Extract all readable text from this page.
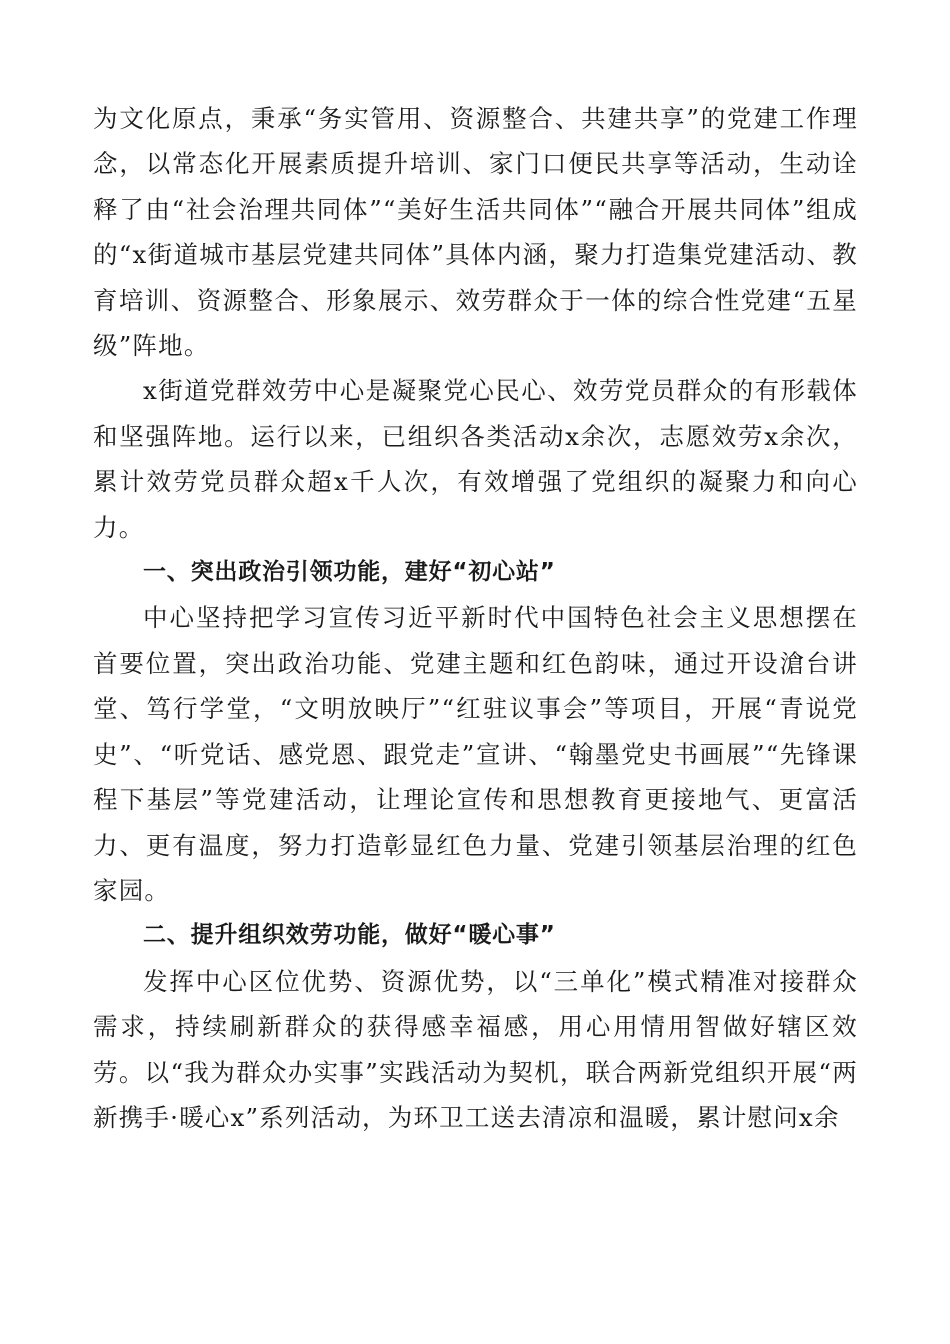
为文化原点，秉承“务实管用、资源整合、共建共享”的党建工作理念，以常态化开展素质提升培训、家门口便民共享等活动，生动诠释了由“社会治理共同体”“美好生活共同体”“融合开展共同体”组成的“x街道城市基层党建共同体”具体内涵，聚力打造集党建活动、教育培训、资源整合、形象展示、效劳群众于一体的综合性党建“五星级”阵地。

x街道党群效劳中心是凝聚党心民心、效劳党员群众的有形载体和坚强阵地。运行以来，已组织各类活动x余次，志愿效劳x余次，累计效劳党员群众超x千人次，有效增强了党组织的凝聚力和向心力。

一、突出政治引领功能，建好“初心站”

中心坚持把学习宣传习近平新时代中国特色社会主义思想摆在首要位置，突出政治功能、党建主题和红色韵味，通过开设滄台讲堂、笃行学堂，“文明放映厅”“红驻议事会”等项目，开展“青说党史”、“听党话、感党恩、跟党走”宣讲、“翰墨党史书画展”“先锋课程下基层”等党建活动，让理论宣传和思想教育更接地气、更富活力、更有温度，努力打造彰显红色力量、党建引领基层治理的红色家园。

二、提升组织效劳功能，做好“暖心事”

发挥中心区位优势、资源优势，以“三单化”模式精准对接群众需求，持续刷新群众的获得感幸福感，用心用情用智做好辖区效劳。以“我为群众办实事”实践活动为契机，联合两新党组织开展“两新携手·暖心x”系列活动，为环卫工送去清凉和温暖，累计慰问x余
